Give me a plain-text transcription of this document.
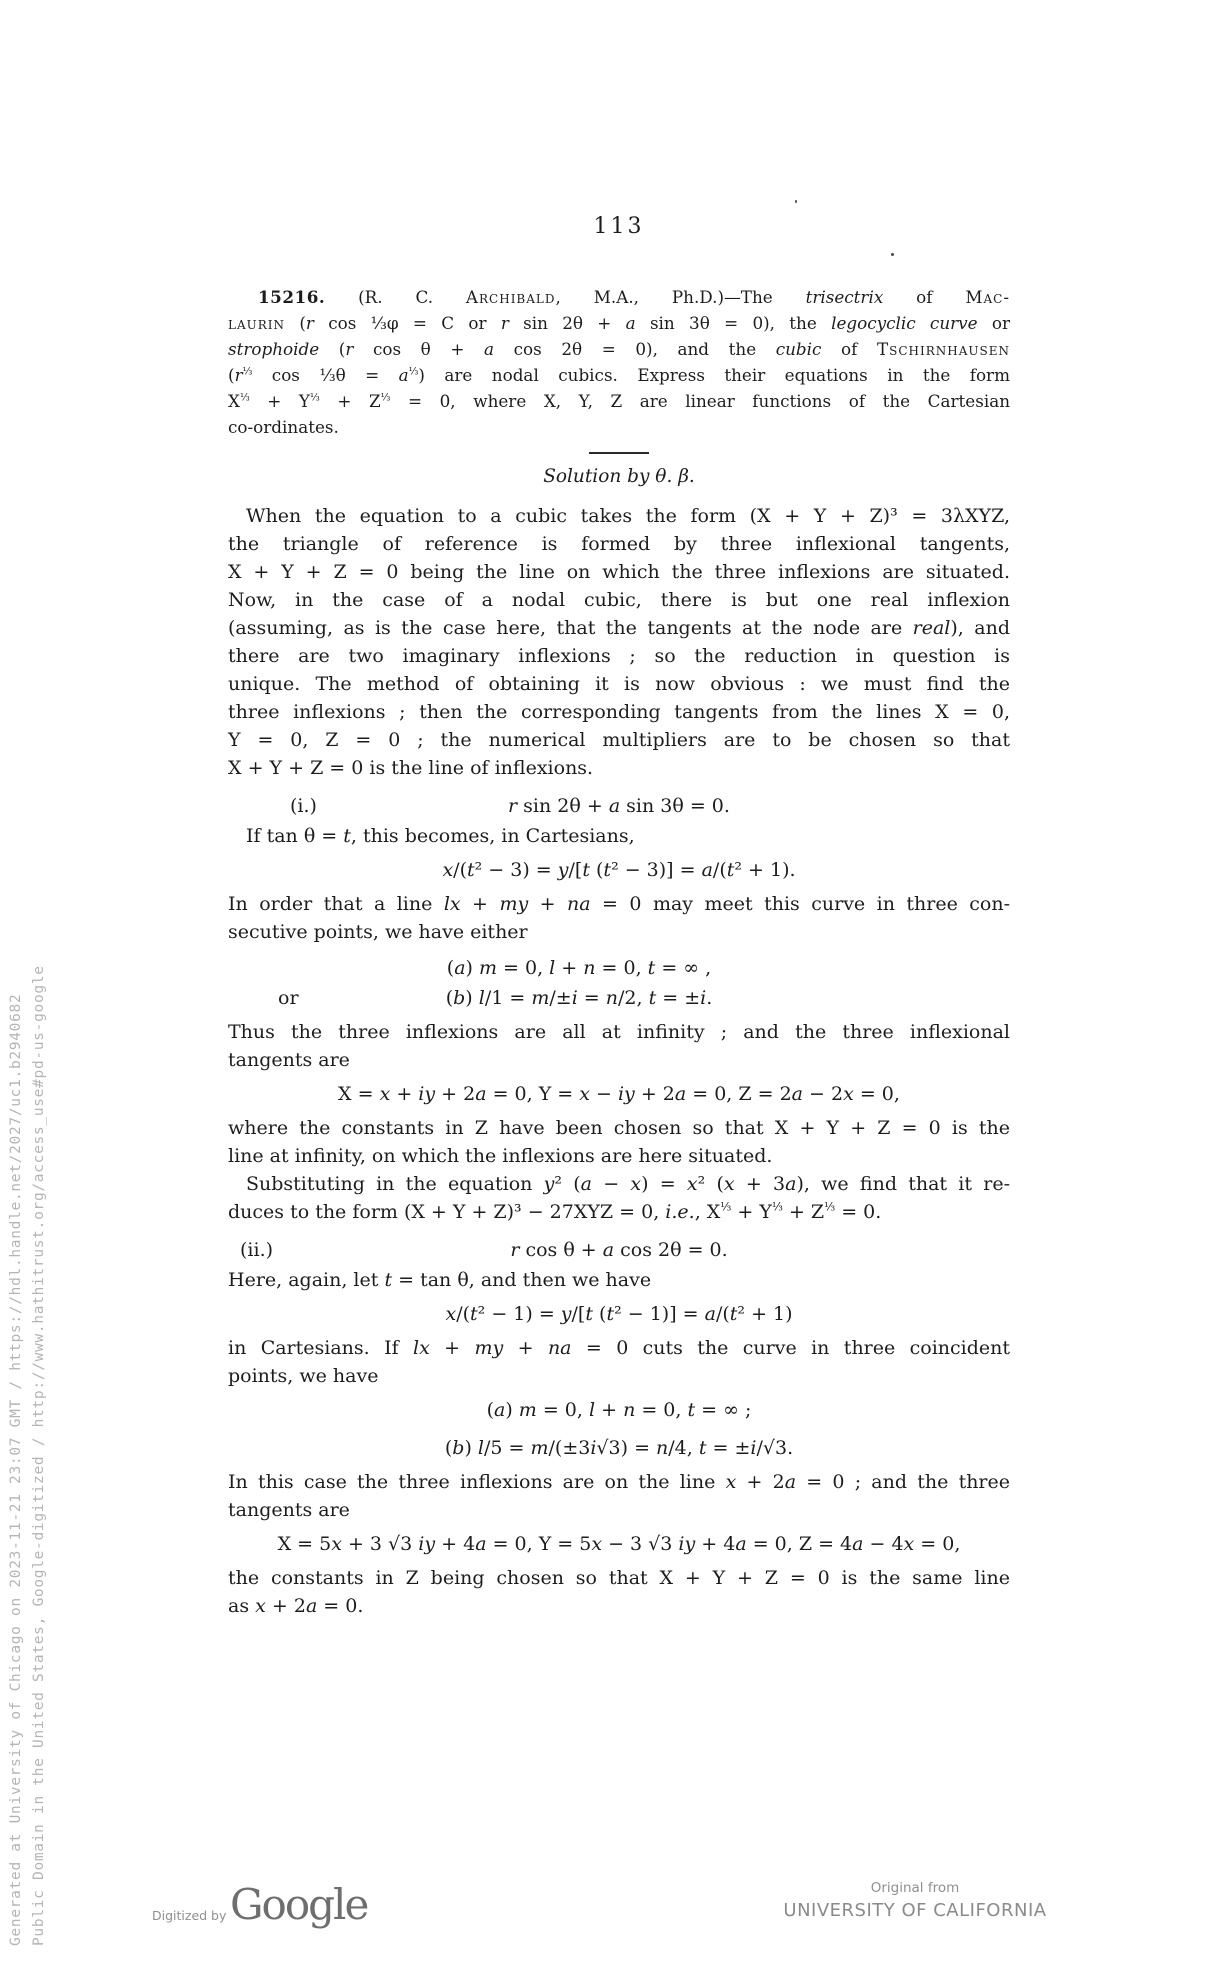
Generated at University of Chicago on 2023-11-21 23:07 GMT / https://hdl.handle.net/2027/uc1.b2940682 Public Domain in the United States, Google-digitized / http://www.hathitrust.org/access_use#pd-us-google
113
15216. (R. C. Archibald, M.A., Ph.D.)—The trisectrix of Mac-
laurin (r cos ⅓φ = C or r sin 2θ + a sin 3θ = 0), the legocyclic curve or
strophoide (r cos θ + a cos 2θ = 0), and the cubic of Tschirnhausen
($r^{\frac{1}{3}}$ cos ⅓θ = $a^{\frac{1}{3}}$) are nodal cubics. Express their equations in the form
$X^{\frac{1}{3}} + Y^{\frac{1}{3}} + Z^{\frac{1}{3}} = 0$, where X, Y, Z are linear functions of the Cartesian
co-ordinates.
Solution by θ. β.
When the equation to a cubic takes the form (X + Y + Z)³ = 3λXYZ,
the triangle of reference is formed by three inflexional tangents,
X + Y + Z = 0 being the line on which the three inflexions are situated.
Now, in the case of a nodal cubic, there is but one real inflexion
(assuming, as is the case here, that the tangents at the node are real), and
there are two imaginary inflexions ; so the reduction in question is
unique. The method of obtaining it is now obvious : we must find the
three inflexions ; then the corresponding tangents from the lines X = 0,
Y = 0, Z = 0 ; the numerical multipliers are to be chosen so that
X + Y + Z = 0 is the line of inflexions.
(i.)	r sin 2θ + a sin 3θ = 0.
If tan θ = t, this becomes, in Cartesians,
x/(t² − 3) = y/[t (t² − 3)] = a/(t² + 1).
In order that a line lx + my + na = 0 may meet this curve in three con-
secutive points, we have either
(a) m = 0, l + n = 0, t = ∞ ,
or	(b) l/1 = m/±i = n/2, t = ±i.
Thus the three inflexions are all at infinity ; and the three inflexional
tangents are
X = x + iy + 2a = 0, Y = x − iy + 2a = 0, Z = 2a − 2x = 0,
where the constants in Z have been chosen so that X + Y + Z = 0 is the
line at infinity, on which the inflexions are here situated.
Substituting in the equation y² (a − x) = x² (x + 3a), we find that it re-
duces to the form (X + Y + Z)³ − 27XYZ = 0, i.e., $X^{\frac{1}{3}} + Y^{\frac{1}{3}} + Z^{\frac{1}{3}} = 0$.
(ii.)	r cos θ + a cos 2θ = 0.
Here, again, let t = tan θ, and then we have
x/(t² − 1) = y/[t (t² − 1)] = a/(t² + 1)
in Cartesians. If lx + my + na = 0 cuts the curve in three coincident
points, we have
(a) m = 0, l + n = 0, t = ∞ ;
(b) l/5 = m/(±3i√3) = n/4, t = ±i/√3.
In this case the three inflexions are on the line x + 2a = 0 ; and the three
tangents are
X = 5x + 3 √3 iy + 4a = 0, Y = 5x − 3 √3 iy + 4a = 0, Z = 4a − 4x = 0,
the constants in Z being chosen so that X + Y + Z = 0 is the same line
as x + 2a = 0.
Digitized by Google	Original from
UNIVERSITY OF CALIFORNIA
